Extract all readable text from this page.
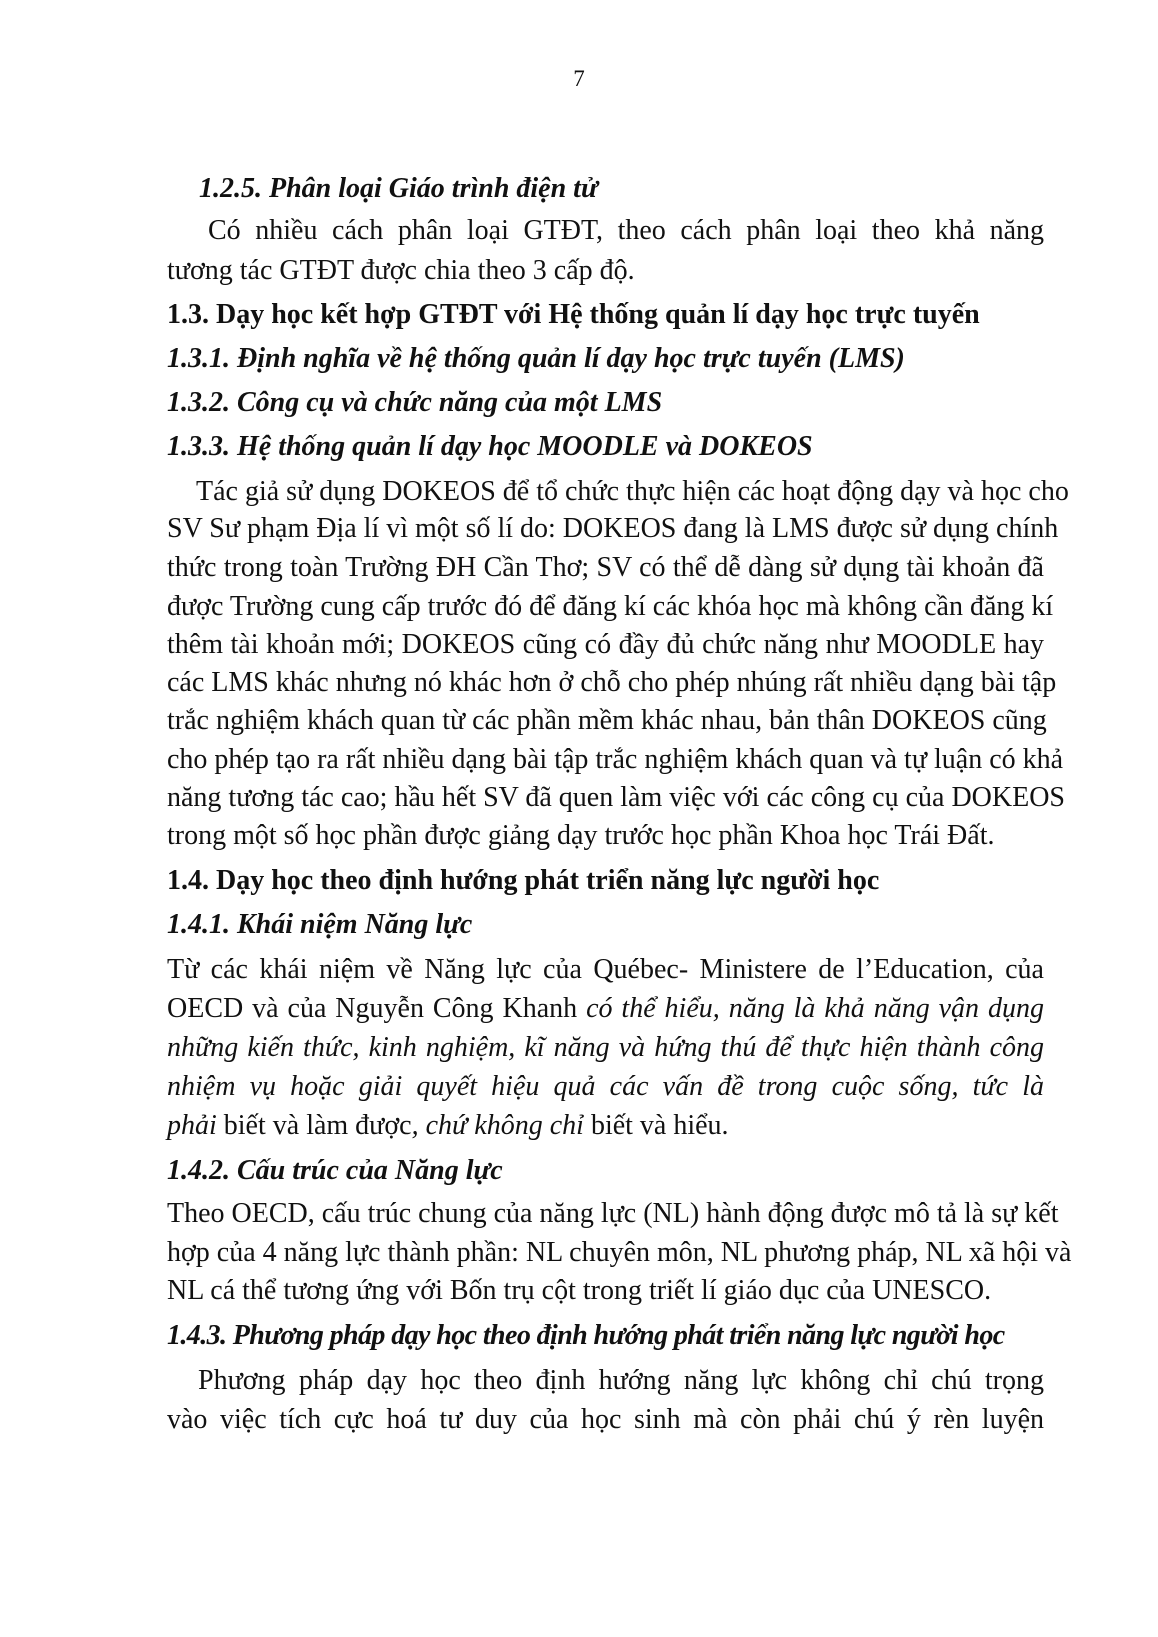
7
1.2.5. Phân loại Giáo trình điện tử
Có nhiều cách phân loại GTĐT, theo cách phân loại theo khả năng
tương tác GTĐT được chia theo 3 cấp độ.
1.3. Dạy học kết hợp GTĐT với Hệ thống quản lí dạy học trực tuyến
1.3.1. Định nghĩa về hệ thống quản lí dạy học trực tuyến (LMS)
1.3.2. Công cụ và chức năng của một LMS
1.3.3. Hệ thống quản lí dạy học MOODLE và DOKEOS
Tác giả sử dụng DOKEOS để tổ chức thực hiện các hoạt động dạy và học cho
SV Sư phạm Địa lí vì một số lí do: DOKEOS đang là LMS được sử dụng chính
thức trong toàn Trường ĐH Cần Thơ; SV có thể dễ dàng sử dụng tài khoản đã
được Trường cung cấp trước đó để đăng kí các khóa học mà không cần đăng kí
thêm tài khoản mới; DOKEOS cũng có đầy đủ chức năng như MOODLE hay
các LMS khác nhưng nó khác hơn ở chỗ cho phép nhúng rất nhiều dạng bài tập
trắc nghiệm khách quan từ các phần mềm khác nhau, bản thân DOKEOS cũng
cho phép tạo ra rất nhiều dạng bài tập trắc nghiệm khách quan và tự luận có khả
năng tương tác cao; hầu hết SV đã quen làm việc với các công cụ của DOKEOS
trong một số học phần được giảng dạy trước học phần Khoa học Trái Đất.
1.4. Dạy học theo định hướng phát triển năng lực người học
1.4.1. Khái niệm Năng lực
Từ các khái niệm về Năng lực của Québec- Ministere de l’Education, của
OECD và của Nguyễn Công Khanh có thể hiểu, năng là khả năng vận dụng
những kiến thức, kinh nghiệm, kĩ năng và hứng thú để thực hiện thành công
nhiệm vụ hoặc giải quyết hiệu quả các vấn đề trong cuộc sống, tức là
phải biết và làm được, chứ không chỉ biết và hiểu.
1.4.2. Cấu trúc của Năng lực
Theo OECD, cấu trúc chung của năng lực (NL) hành động được mô tả là sự kết
hợp của 4 năng lực thành phần: NL chuyên môn, NL phương pháp, NL xã hội và
NL cá thể tương ứng với Bốn trụ cột trong triết lí giáo dục của UNESCO.
1.4.3. Phương pháp dạy học theo định hướng phát triển năng lực người học
Phương pháp dạy học theo định hướng năng lực không chỉ chú trọng
vào việc tích cực hoá tư duy của học sinh mà còn phải chú ý rèn luyện
